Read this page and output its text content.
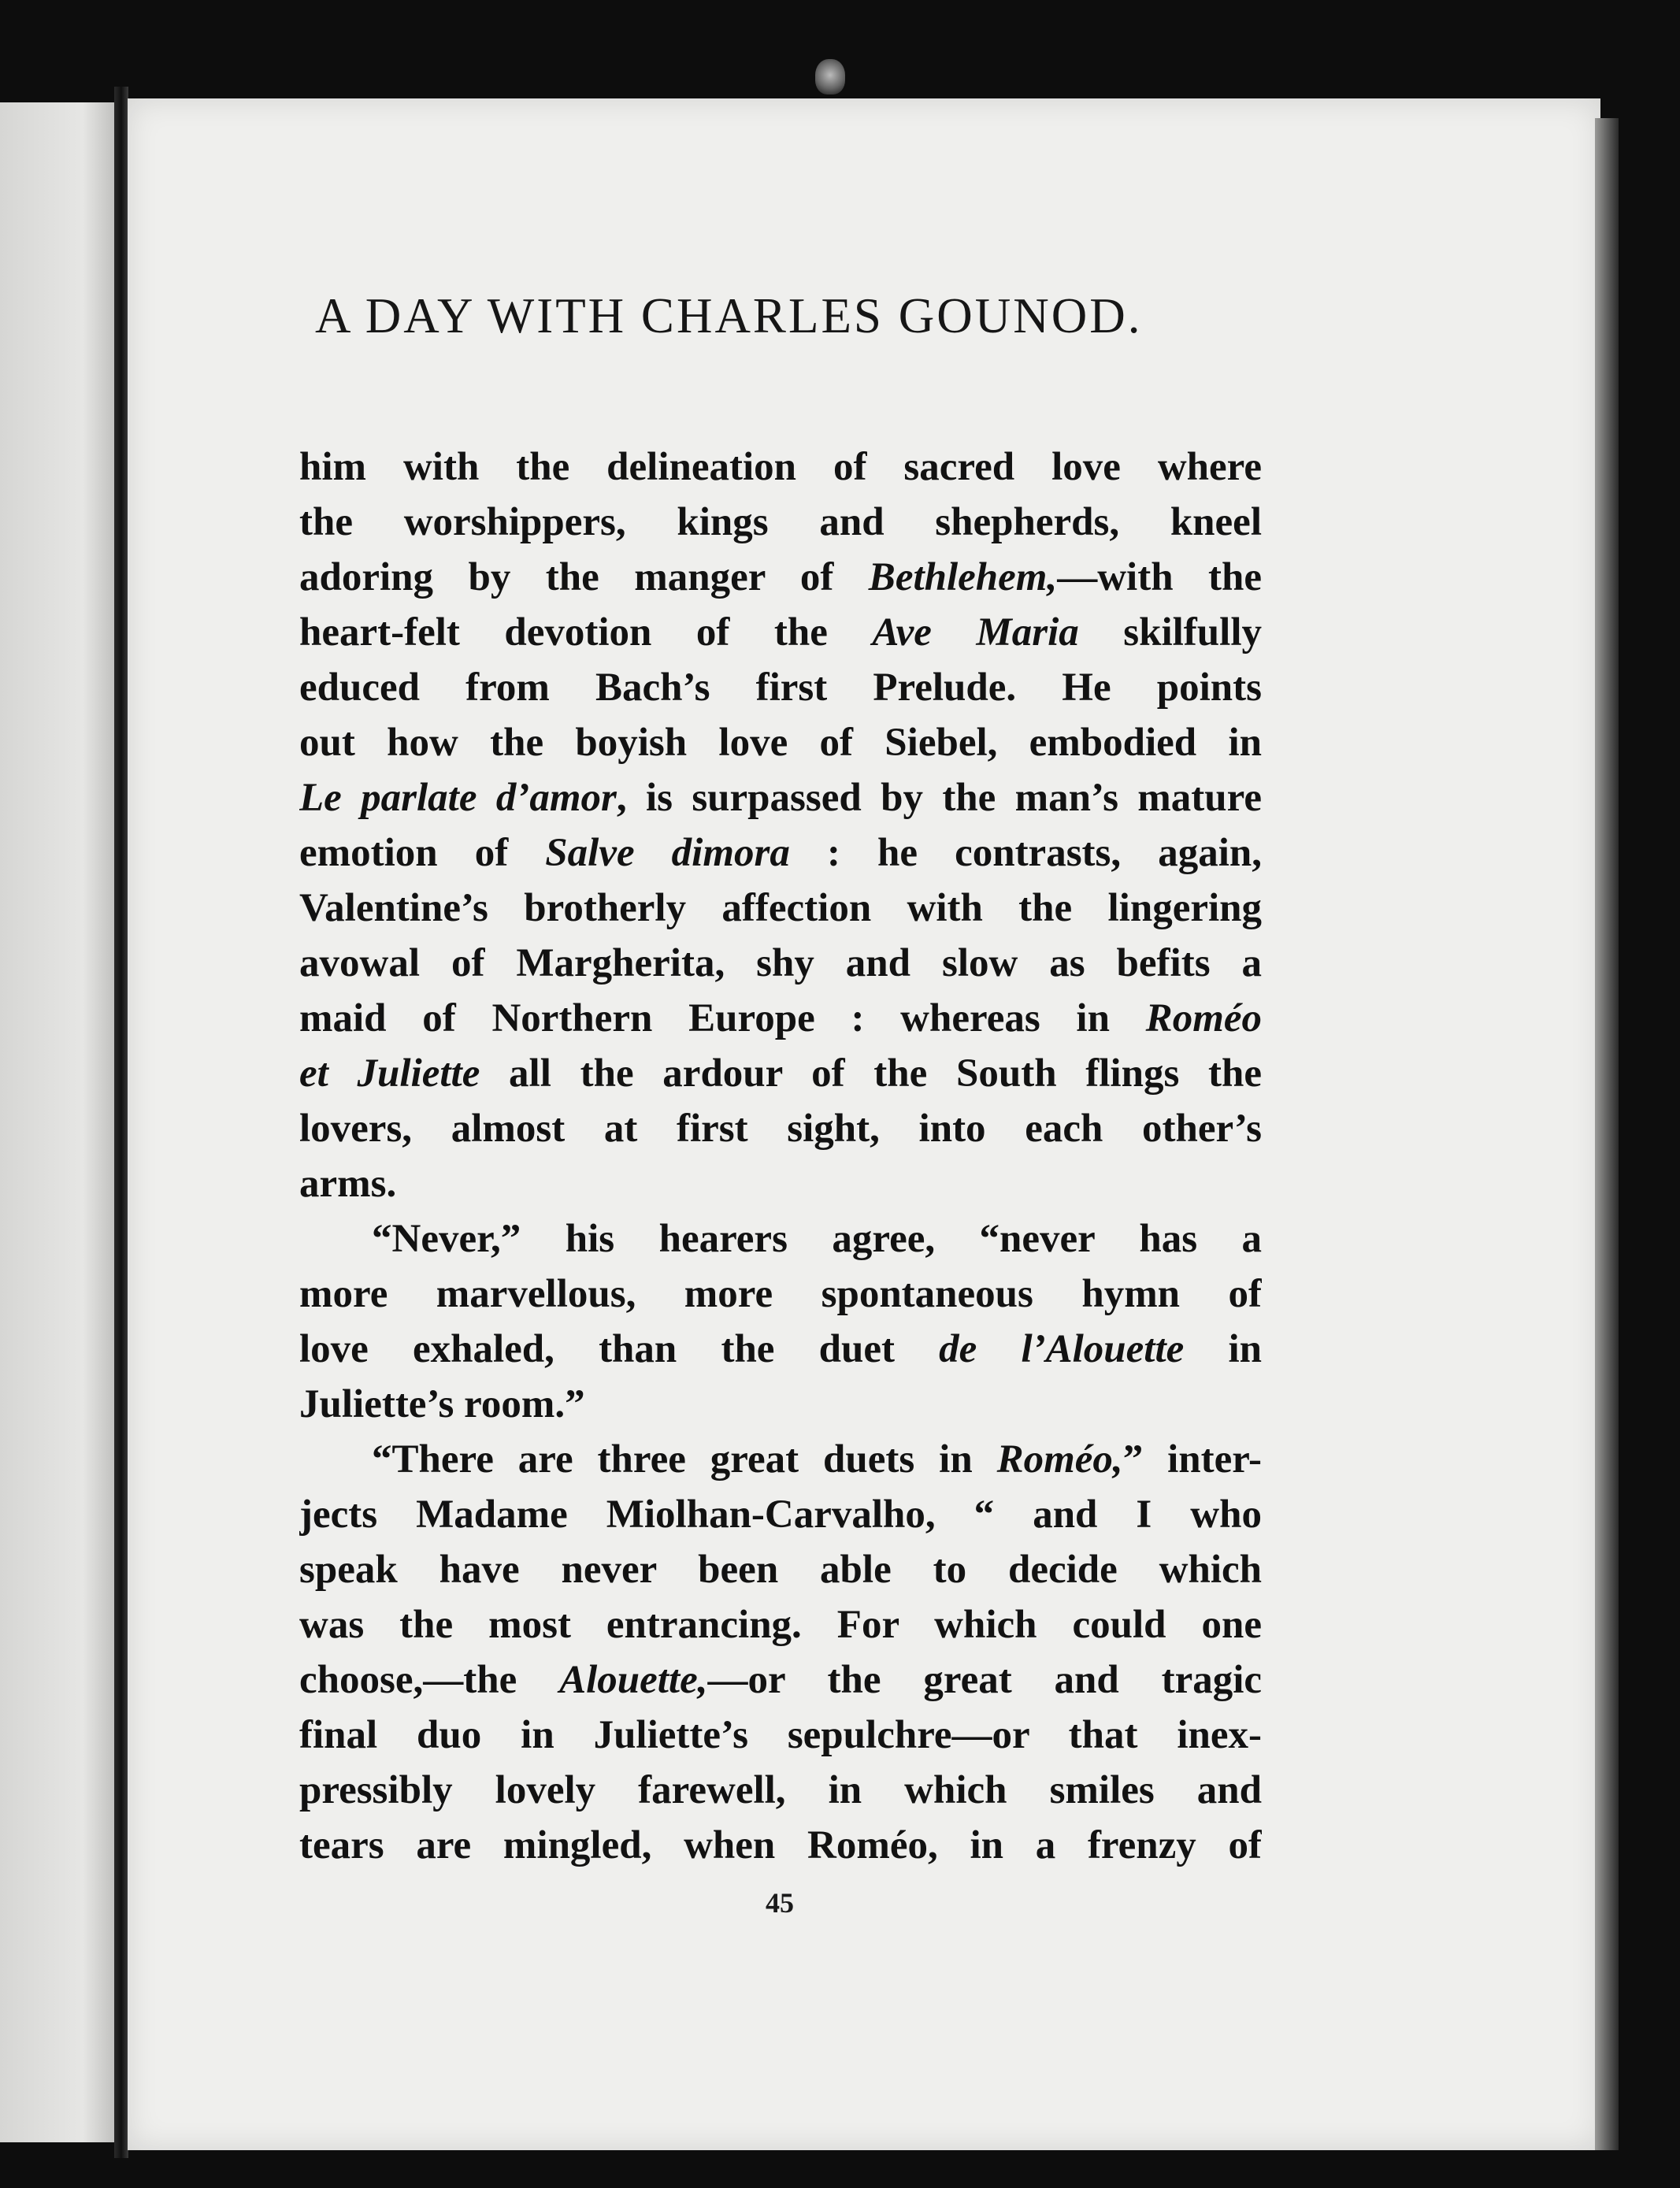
A DAY WITH CHARLES GOUNOD.
him with the delineation of sacred love where
the worshippers, kings and shepherds, kneel
adoring by the manger of Bethlehem,—with the
heart-felt devotion of the Ave Maria skilfully
educed from Bach’s first Prelude. He points
out how the boyish love of Siebel, embodied in
Le parlate d’amor, is surpassed by the man’s mature
emotion of Salve dimora : he contrasts, again,
Valentine’s brotherly affection with the lingering
avowal of Margherita, shy and slow as befits a
maid of Northern Europe : whereas in Roméo
et Juliette all the ardour of the South flings the
lovers, almost at first sight, into each other’s
arms.
“Never,” his hearers agree, “never has a
more marvellous, more spontaneous hymn of
love exhaled, than the duet de l’Alouette in
Juliette’s room.”
“There are three great duets in Roméo,” inter-
jects Madame Miolhan-Carvalho, “ and I who
speak have never been able to decide which
was the most entrancing. For which could one
choose,—the Alouette,—or the great and tragic
final duo in Juliette’s sepulchre—or that inex-
pressibly lovely farewell, in which smiles and
tears are mingled, when Roméo, in a frenzy of
45
